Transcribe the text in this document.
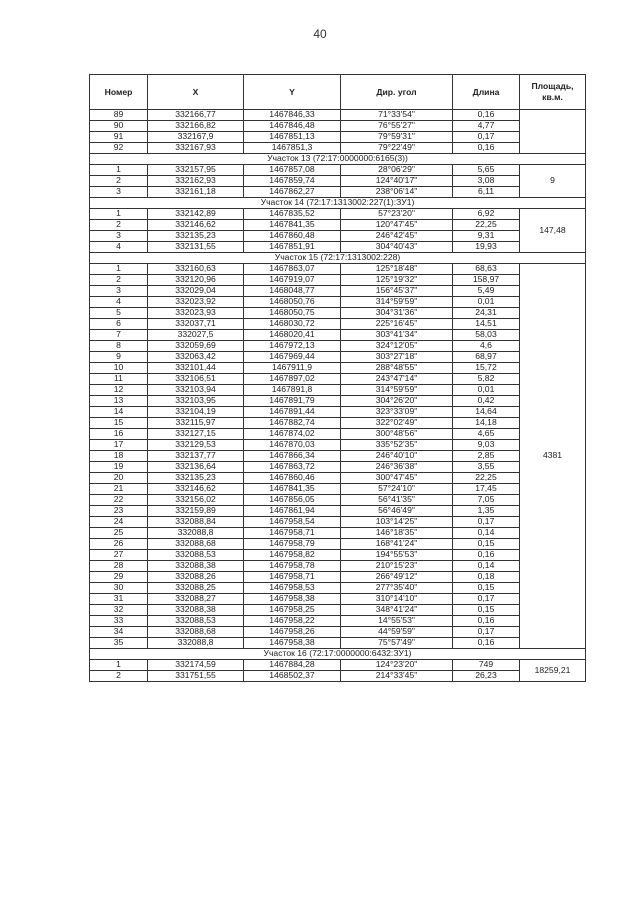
40
Номер	X	Y	Дир. угол	Длина	Площадь, кв.м.
89	332166,77	1467846,33	71°33'54"	0,16	
90	332166,82	1467846,48	76°55'27"	4,77	
91	332167,9	1467851,13	79°59'31"	0,17	
92	332167,93	1467851,3	79°22'49"	0,16	
Участок 13 (72:17:0000000:6165(3))					
1	332157,95	1467857,08	28°06'29"	5,65	9
2	332162,93	1467859,74	124°40'17"	3,08	
3	332161,18	1467862,27	238°06'14"	6,11	
Участок 14 (72:17:1313002:227(1):ЗУ1)					
1	332142,89	1467835,52	57°23'20"	6,92	147,48
2	332146,62	1467841,35	120°47'45"	22,25	
3	332135,23	1467860,48	246°42'45"	9,31	
4	332131,55	1467851,91	304°40'43"	19,93	
Участок 15 (72:17:1313002:228)					
1	332160,63	1467863,07	125°18'48"	68,63	4381
2	332120,96	1467919,07	125°19'32"	158,97	
3	332029,04	1468048,77	156°45'37"	5,49	
4	332023,92	1468050,76	314°59'59"	0,01	
5	332023,93	1468050,75	304°31'36"	24,31	
6	332037,71	1468030,72	225°16'45"	14,51	
7	332027,5	1468020,41	303°41'34"	58,03	
8	332059,69	1467972,13	324°12'05"	4,6	
9	332063,42	1467969,44	303°27'18"	68,97	
10	332101,44	1467911,9	288°48'55"	15,72	
11	332106,51	1467897,02	243°47'14"	5,82	
12	332103,94	1467891,8	314°59'59"	0,01	
13	332103,95	1467891,79	304°26'20"	0,42	
14	332104,19	1467891,44	323°33'09"	14,64	
15	332115,97	1467882,74	322°02'49"	14,18	
16	332127,15	1467874,02	300°48'56"	4,65	
17	332129,53	1467870,03	335°52'35"	9,03	
18	332137,77	1467866,34	246°40'10"	2,85	
19	332136,64	1467863,72	246°36'38"	3,55	
20	332135,23	1467860,46	300°47'45"	22,25	
21	332146,62	1467841,35	57°24'10"	17,45	
22	332156,02	1467856,05	56°41'35"	7,05	
23	332159,89	1467861,94	56°46'49"	1,35	
24	332088,84	1467958,54	103°14'25"	0,17	
25	332088,8	1467958,71	146°18'35"	0,14	
26	332088,68	1467958,79	168°41'24"	0,15	
27	332088,53	1467958,82	194°55'53"	0,16	
28	332088,38	1467958,78	210°15'23"	0,14	
29	332088,26	1467958,71	266°49'12"	0,18	
30	332088,25	1467958,53	277°35'40"	0,15	
31	332088,27	1467958,38	310°14'10"	0,17	
32	332088,38	1467958,25	348°41'24"	0,15	
33	332088,53	1467958,22	14°55'53"	0,16	
34	332088,68	1467958,26	44°59'59"	0,17	
35	332088,8	1467958,38	75°57'49"	0,16	
Участок 16 (72:17:0000000:6432:ЗУ1)					
1	332174,59	1467884,28	124°23'20"	749	18259,21
2	331751,55	1468502,37	214°33'45"	26,23	
